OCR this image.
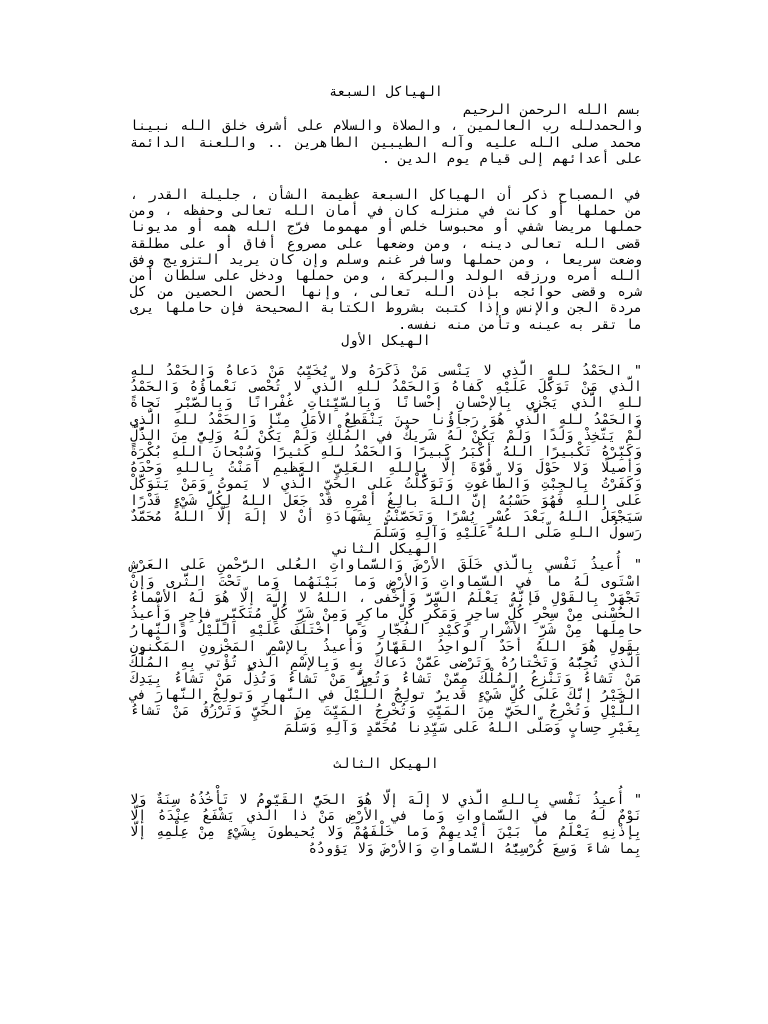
الهياكل السبعة

بسم الله الرحمن الرحيم

والحمدلله رب العالمين ، والصلاة والسلام على أشرف خلق الله نبينا محمد صلى الله عليه وآله الطيبين الطاهرين .. واللعنة الدائمة على أعدائهم إلى قيام يوم الدين .

في المصباح ذكر أن الهياكل السبعة عظيمة الشأن ، جليلة القدر ، من حملها أو كانت في منزله كان في أمان الله تعالى وحفظه ، ومن حملها مريضا شفي أو محبوسا خلص أو مهموما فرّج الله همه أو مديونا قضى الله تعالى دينه ، ومن وضعها على مصروع أفاق أو على مطلقة وضعت سريعا ، ومن حملها وسافر غنم وسلم وإن كان يريد التزويج وفق الله أمره ورزقه الولد والبركة ، ومن حملها ودخل على سلطان أمن شره وقضى حوائجه بإذن الله تعالى ، وإنها الحصن الحصين من كل مردة الجن والإنس وإذا كتبت بشروط الكتابة الصحيحة فإن حاملها يرى ما تقر به عينه وتأمن منه نفسه.

الهيكل الأول

" الحَمْدُ للهِ الَّذي لا يَنْسى مَنْ ذَكَرَهُ ولا يُخَيِّبُ مَنْ دَعاهُ وَالحَمْدُ للهِ الَّذي مَنْ تَوَكَّلَ عَلَيْهِ كَفاهُ وَالحَمْدُ للهِ الَّذي لا تُحْصى نَعْماؤُهُ وَالحَمْدُ للهِ الَّذي يَجْزي بِالإحْسانِ إحْسانًا وَبِالسَّيِّئاتِ غُفْرانًا وَبِالصَّبْرِ نَجاةً وَالحَمْدُ للهِ الَّذي هُوَ رَجاؤُنا حينَ يَنْقَطِعُ الأمَلُ مِنّا وَالحَمْدُ للهِ الَّذي لَمْ يَتَّخِذْ وَلَدًا وَلَمْ يَكُنْ لَهُ شَريكٌ في المُلْكِ وَلَمْ يَكُنْ لَهُ وَلِيٌّ مِنَ الذُّلِّ وَكَبِّرْهُ تَكْبيرًا اللهُ أكْبَرُ كَبيرًا وَالحَمْدُ للهِ كَثيرًا وَسُبْحانَ اللهِ بُكْرَةً وَأصيلًا وَلا حَوْلَ وَلا قُوَّةَ إلّا بِاللهِ العَلِيِّ العَظيمِ آمَنْتُ بِاللهِ وَحْدَهُ وَكَفَرْتُ بِالجِبْتِ وَالطّاغوتِ وَتَوَكَّلْتُ عَلى الحَيِّ الَّذي لا يَموتُ وَمَنْ يَتَوَكَّلْ عَلى اللهِ فَهُوَ حَسْبُهُ إنَّ اللهَ بالِغُ أمْرِهِ قَدْ جَعَلَ اللهُ لِكُلِّ شَيْءٍ قَدْرًا سَيَجْعَلُ اللهُ بَعْدَ عُسْرٍ يُسْرًا وَتَحَصَّنْتُ بِشَهادَةِ أنْ لا إلَهَ إلّا اللهُ مُحَمَّدٌ رَسولُ اللهِ صَلّى اللهُ عَلَيْهِ وَآلِهِ وَسَلَّمَ

الهيكل الثاني

" أُعيذُ نَفْسي بِالَّذي خَلَقَ الأرْضَ وَالسَّماواتِ العُلى الرَّحْمنِ عَلى العَرْشِ اسْتَوى لَهُ ما في السَّماواتِ وَالأرْضِ وَما بَيْنَهُما وَما تَحْتَ الثَّرى وَإنْ تَجْهَرْ بِالقَوْلِ فَإنَّهُ يَعْلَمُ السِّرَّ وَأخْفى ، اللهُ لا إلَهَ إلّا هُوَ لَهُ الأسْماءُ الحُسْنى مِنْ سِحْرِ كُلِّ ساحِرٍ وَمَكْرِ كُلِّ ماكِرٍ وَمِنْ شَرِّ كُلِّ مُتَكَبِّرٍ فاجِرٍ وَأُعيذُ حامِلَها مِنْ شَرِّ الأشْرارِ وَكَيْدِ الفُجّارِ وَما اخْتَلَفَ عَلَيْهِ اللَّيْلُ وَالنَّهارُ بِقَولِ هُوَ اللهُ أحَدٌ الواحِدُ القَهّارُ وَأُعيذُ بِالإسْمِ المَخْزونِ المَكْنونِ الَّذي تُحِبُّهُ وَتَخْتارُهُ وَتَرْضى عَمَّنْ دَعاكَ بِهِ وَبِالإسْمِ الَّذي تُؤْتي بِهِ المُلْكَ مَنْ تَشاءُ وَتَنْزِعُ المُلْكَ مِمَّنْ تَشاءُ وَتُعِزُّ مَنْ تَشاءُ وَتُذِلُّ مَنْ تَشاءُ بِيَدِكَ الخَيْرُ إنَّكَ عَلى كُلِّ شَيْءٍ قَديرٌ تولِجُ اللَّيْلَ في النَّهارِ وَتولِجُ النَّهارَ في اللَّيْلِ وَتُخْرِجُ الحَيَّ مِنَ المَيِّتِ وَتُخْرِجُ المَيِّتَ مِنَ الحَيِّ وَتَرْزُقُ مَنْ تَشاءُ بِغَيْرِ حِسابٍ وَصَلّى اللهُ عَلى سَيِّدِنا مُحَمَّدٍ وَآلِهِ وَسَلَّمَ

الهيكل الثالث

" أُعيذُ نَفْسي بِاللهِ الَّذي لا إلَهَ إلّا هُوَ الحَيُّ القَيّومُ لا تَأْخُذُهُ سِنَةٌ وَلا نَوْمٌ لَهُ ما في السَّماواتِ وَما في الأرْضِ مَنْ ذا الَّذي يَشْفَعُ عِنْدَهُ إلّا بِإذْنِهِ يَعْلَمُ ما بَيْنَ أيْديهِمْ وَما خَلْفَهُمْ وَلا يُحيطونَ بِشَيْءٍ مِنْ عِلْمِهِ إلّا بِما شاءَ وَسِعَ كُرْسِيُّهُ السَّماواتِ وَالأرْضَ وَلا يَؤودُهُ
